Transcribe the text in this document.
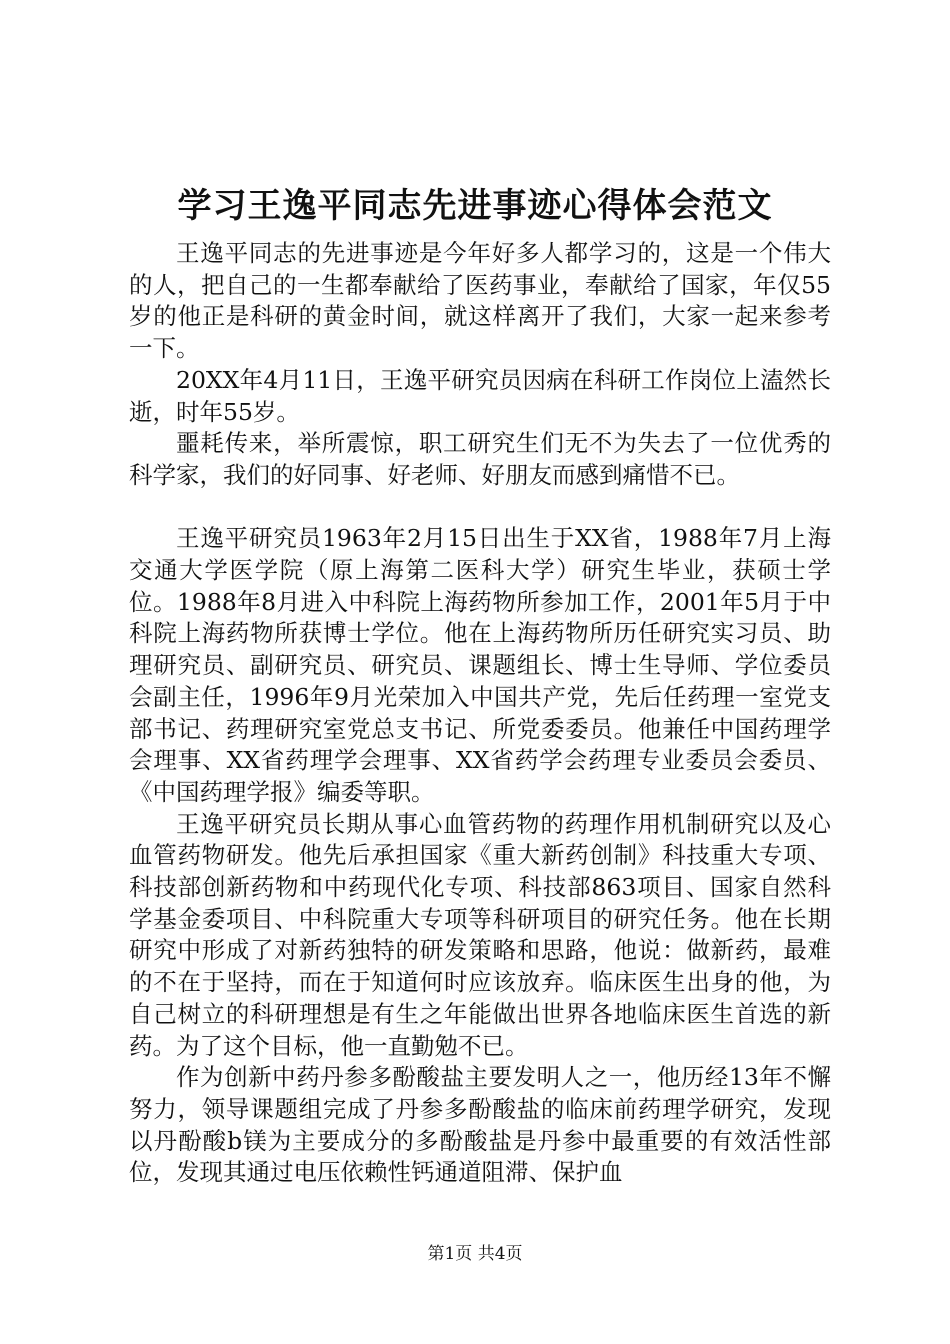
学习王逸平同志先进事迹心得体会范文

王逸平同志的先进事迹是今年好多人都学习的，这是一个伟大的人，把自己的一生都奉献给了医药事业，奉献给了国家，年仅55岁的他正是科研的黄金时间，就这样离开了我们，大家一起来参考一下。

20XX年4月11日，王逸平研究员因病在科研工作岗位上溘然长逝，时年55岁。

噩耗传来，举所震惊，职工研究生们无不为失去了一位优秀的科学家，我们的好同事、好老师、好朋友而感到痛惜不已。

王逸平研究员1963年2月15日出生于XX省，1988年7月上海交通大学医学院（原上海第二医科大学）研究生毕业，获硕士学位。1988年8月进入中科院上海药物所参加工作，2001年5月于中科院上海药物所获博士学位。他在上海药物所历任研究实习员、助理研究员、副研究员、研究员、课题组长、博士生导师、学位委员会副主任，1996年9月光荣加入中国共产党，先后任药理一室党支部书记、药理研究室党总支书记、所党委委员。他兼任中国药理学会理事、XX省药理学会理事、XX省药学会药理专业委员会委员、《中国药理学报》编委等职。

王逸平研究员长期从事心血管药物的药理作用机制研究以及心血管药物研发。他先后承担国家《重大新药创制》科技重大专项、科技部创新药物和中药现代化专项、科技部863项目、国家自然科学基金委项目、中科院重大专项等科研项目的研究任务。他在长期研究中形成了对新药独特的研发策略和思路，他说：做新药，最难的不在于坚持，而在于知道何时应该放弃。临床医生出身的他，为自己树立的科研理想是有生之年能做出世界各地临床医生首选的新药。为了这个目标，他一直勤勉不已。

作为创新中药丹参多酚酸盐主要发明人之一，他历经13年不懈努力，领导课题组完成了丹参多酚酸盐的临床前药理学研究，发现以丹酚酸b镁为主要成分的多酚酸盐是丹参中最重要的有效活性部位，发现其通过电压依赖性钙通道阻滞、保护血

第1页 共4页
